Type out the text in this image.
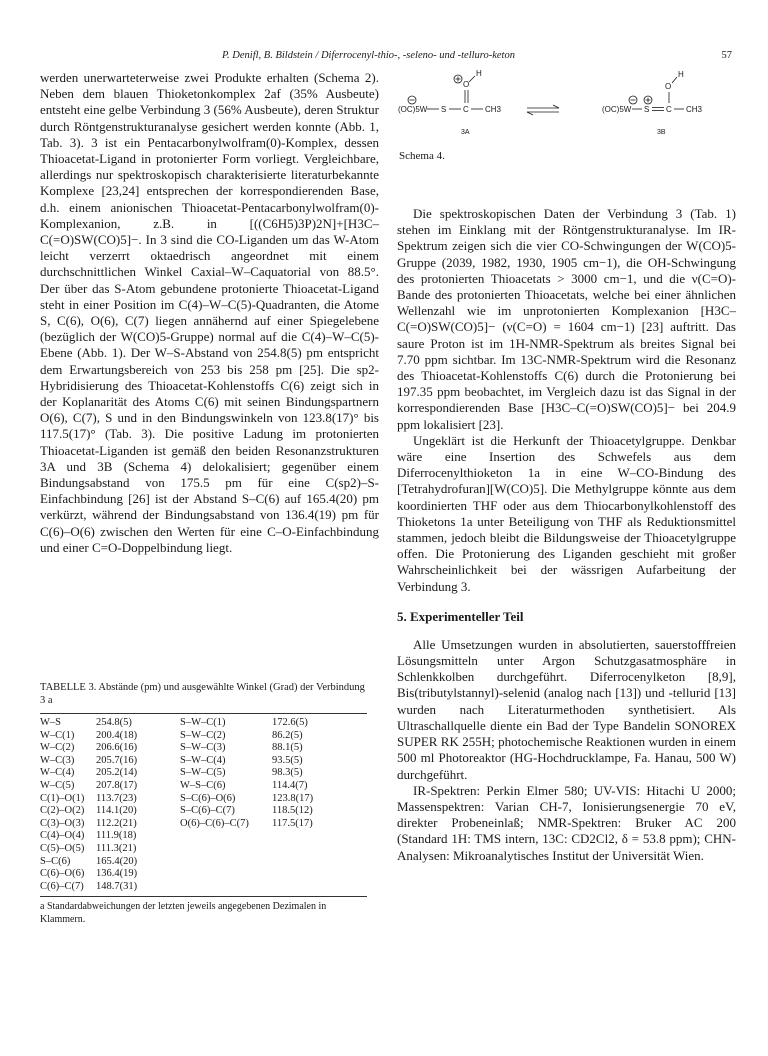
P. Denifl, B. Bildstein / Diferrocenyl-thio-, -seleno- und -telluro-keton	57

werden unerwarteterweise zwei Produkte erhalten (Schema 2). Neben dem blauen Thioketonkomplex 2af (35% Ausbeute) entsteht eine gelbe Verbindung 3 (56% Ausbeute), deren Struktur durch Röntgenstrukturanalyse gesichert werden konnte (Abb. 1, Tab. 3). 3 ist ein Pentacarbonylwolfram(0)-Komplex, dessen Thioacetat-Ligand in protonierter Form vorliegt. Vergleichbare, allerdings nur spektroskopisch charakterisierte literaturbekannte Komplexe [23,24] entsprechen der korrespondierenden Base, d.h. einem anionischen Thioacetat-Pentacarbonylwolfram(0)-Komplexanion, z.B. in [((C6H5)3P)2N]+[H3C–C(=O)SW(CO)5]−. In 3 sind die CO-Liganden um das W-Atom leicht verzerrt oktaedrisch angeordnet mit einem durchschnittlichen Winkel Caxial–W–Caquatorial von 88.5°. Der über das S-Atom gebundene protonierte Thioacetat-Ligand steht in einer Position im C(4)–W–C(5)-Quadranten, die Atome S, C(6), O(6), C(7) liegen annähernd auf einer Spiegelebene (bezüglich der W(CO)5-Gruppe) normal auf die C(4)–W–C(5)-Ebene (Abb. 1). Der W–S-Abstand von 254.8(5) pm entspricht dem Erwartungsbereich von 253 bis 258 pm [25]. Die sp2-Hybridisierung des Thioacetat-Kohlenstoffs C(6) zeigt sich in der Koplanarität des Atoms C(6) mit seinen Bindungspartnern O(6), C(7), S und in den Bindungswinkeln von 123.8(17)° bis 117.5(17)° (Tab. 3). Die positive Ladung im protonierten Thioacetat-Liganden ist gemäß den beiden Resonanzstrukturen 3A und 3B (Schema 4) delokalisiert; gegenüber einem Bindungsabstand von 175.5 pm für eine C(sp2)–S-Einfachbindung [26] ist der Abstand S–C(6) auf 165.4(20) pm verkürzt, während der Bindungsabstand von 136.4(19) pm für C(6)–O(6) zwischen den Werten für eine C–O-Einfachbindung und einer C=O-Doppelbindung liegt.

(OC)5W S C CH3
O
H
3A
(OC)5W S C CH3
O
H
3B
Schema 4.

Die spektroskopischen Daten der Verbindung 3 (Tab. 1) stehen im Einklang mit der Röntgenstrukturanalyse. Im IR-Spektrum zeigen sich die vier CO-Schwingungen der W(CO)5-Gruppe (2039, 1982, 1930, 1905 cm−1), die OH-Schwingung des protonierten Thioacetats > 3000 cm−1, und die ν(C=O)-Bande des protonierten Thioacetats, welche bei einer ähnlichen Wellenzahl wie im unprotonierten Komplexanion [H3C–C(=O)SW(CO)5]− (ν(C=O) = 1604 cm−1) [23] auftritt. Das saure Proton ist im 1H-NMR-Spektrum als breites Signal bei 7.70 ppm sichtbar. Im 13C-NMR-Spektrum wird die Resonanz des Thioacetat-Kohlenstoffs C(6) durch die Protonierung bei 197.35 ppm beobachtet, im Vergleich dazu ist das Signal in der korrespondierenden Base [H3C–C(=O)SW(CO)5]− bei 204.9 ppm lokalisiert [23].

Ungeklärt ist die Herkunft der Thioacetylgruppe. Denkbar wäre eine Insertion des Schwefels aus dem Diferrocenylthioketon 1a in eine W–CO-Bindung des [Tetrahydrofuran][W(CO)5]. Die Methylgruppe könnte aus dem koordinierten THF oder aus dem Thiocarbonylkohlenstoff des Thioketons 1a unter Beteiligung von THF als Reduktionsmittel stammen, jedoch bleibt die Bildungsweise der Thioacetylgruppe offen. Die Protonierung des Liganden geschieht mit großer Wahrscheinlichkeit bei der wässrigen Aufarbeitung der Verbindung 3.

5. Experimenteller Teil

Alle Umsetzungen wurden in absolutierten, sauerstofffreien Lösungsmitteln unter Argon Schutzgasatmosphäre in Schlenkkolben durchgeführt. Diferrocenylketon [8,9], Bis(tributylstannyl)-selenid (analog nach [13]) und -tellurid [13] wurden nach Literaturmethoden synthetisiert. Als Ultraschallquelle diente ein Bad der Type Bandelin SONOREX SUPER RK 255H; photochemische Reaktionen wurden in einem 500 ml Photoreaktor (HG-Hochdrucklampe, Fa. Hanau, 500 W) durchgeführt.

IR-Spektren: Perkin Elmer 580; UV-VIS: Hitachi U 2000; Massenspektren: Varian CH-7, Ionisierungsenergie 70 eV, direkter Probeneinlaß; NMR-Spektren: Bruker AC 200 (Standard 1H: TMS intern, 13C: CD2Cl2, δ = 53.8 ppm); CHN-Analysen: Mikroanalytisches Institut der Universität Wien.

TABELLE 3. Abstände (pm) und ausgewählte Winkel (Grad) der Verbindung 3 a
W–S	254.8(5)	S–W–C(1)	172.6(5)
W–C(1)	200.4(18)	S–W–C(2)	86.2(5)
W–C(2)	206.6(16)	S–W–C(3)	88.1(5)
W–C(3)	205.7(16)	S–W–C(4)	93.5(5)
W–C(4)	205.2(14)	S–W–C(5)	98.3(5)
W–C(5)	207.8(17)	W–S–C(6)	114.4(7)
C(1)–O(1)	113.7(23)	S–C(6)–O(6)	123.8(17)
C(2)–O(2)	114.1(20)	S–C(6)–C(7)	118.5(12)
C(3)–O(3)	112.2(21)	O(6)–C(6)–C(7)	117.5(17)
C(4)–O(4)	111.9(18)		
C(5)–O(5)	111.3(21)		
S–C(6)	165.4(20)		
C(6)–O(6)	136.4(19)		
C(6)–C(7)	148.7(31)		
a Standardabweichungen der letzten jeweils angegebenen Dezimalen in Klammern.
